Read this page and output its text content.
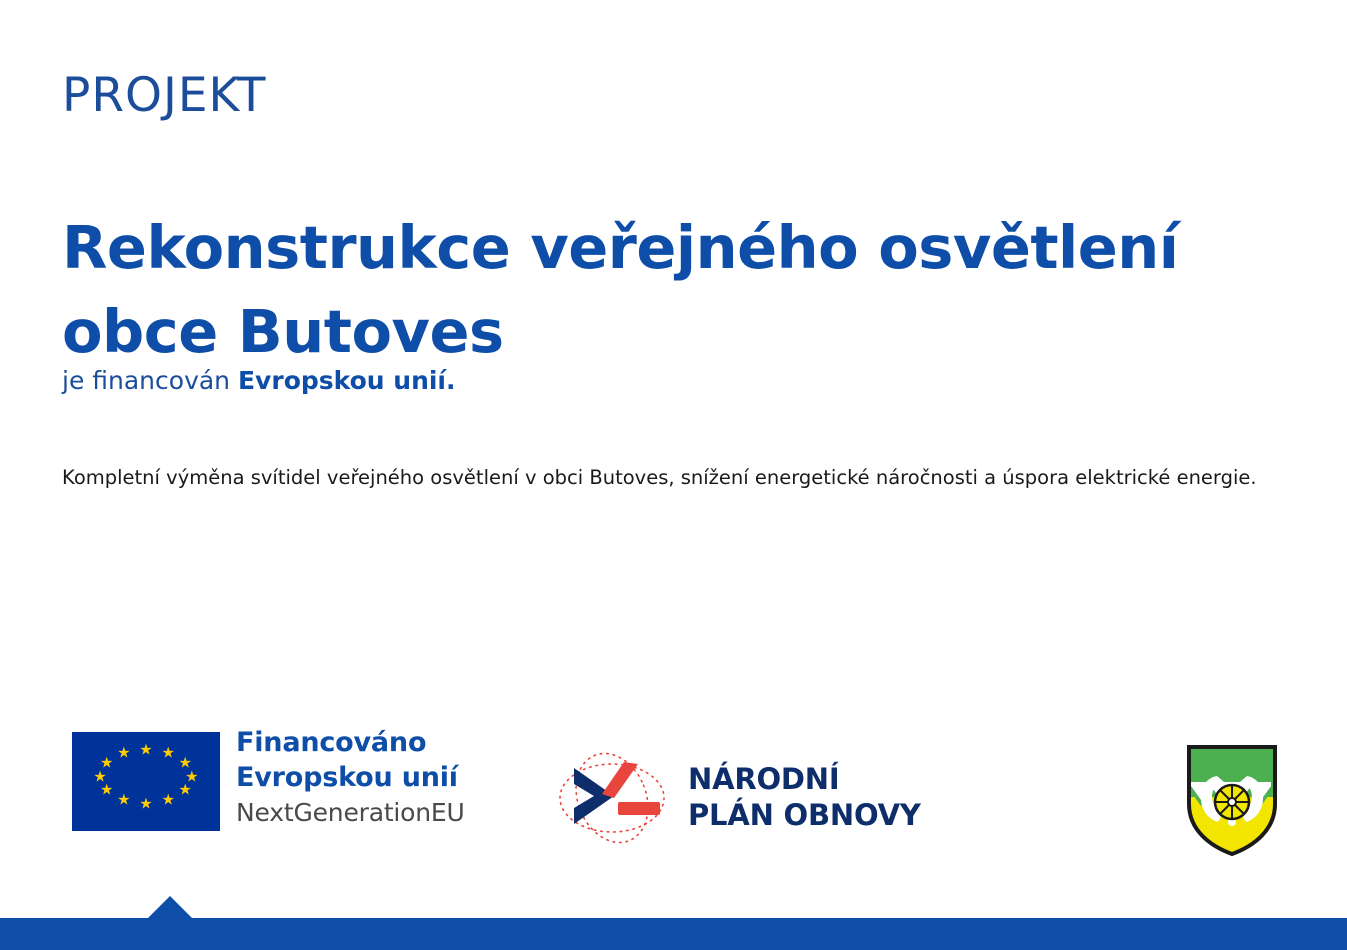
PROJEKT
Rekonstrukce veřejného osvětlení obce Butoves
je financován Evropskou unií.

Kompletní výměna svítidel veřejného osvětlení v obci Butoves, snížení energetické náročnosti a úspora elektrické energie.

★ ★
★
★
★
★
★
★
★
★
★
★	Financováno
Evropskou unií
NextGenerationEU
NÁRODNÍ
PLÁN OBNOVY
